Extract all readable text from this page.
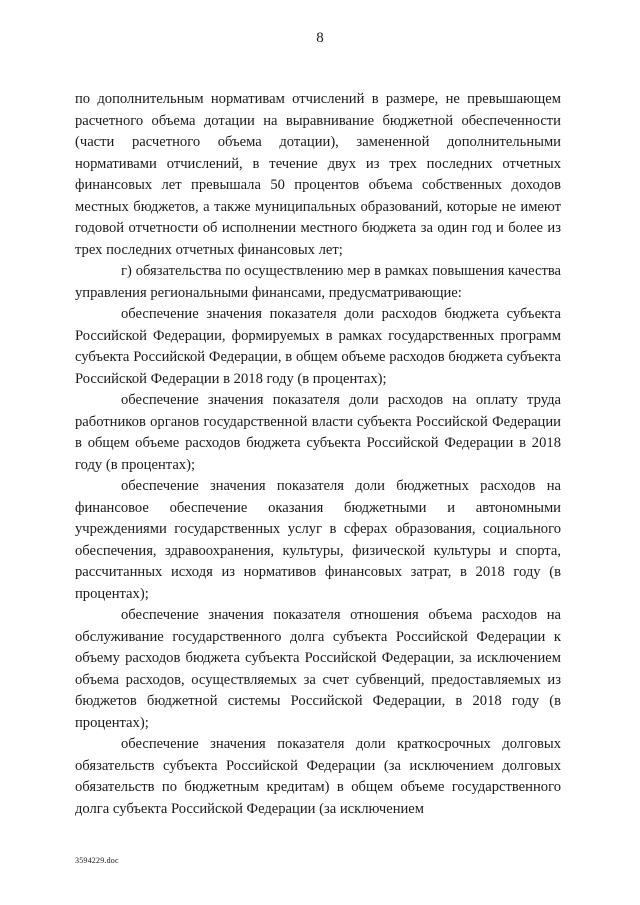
8

по дополнительным нормативам отчислений в размере, не превышающем расчетного объема дотации на выравнивание бюджетной обеспеченности (части расчетного объема дотации), замененной дополнительными нормативами отчислений, в течение двух из трех последних отчетных финансовых лет превышала 50 процентов объема собственных доходов местных бюджетов, а также муниципальных образований, которые не имеют годовой отчетности об исполнении местного бюджета за один год и более из трех последних отчетных финансовых лет;

г) обязательства по осуществлению мер в рамках повышения качества управления региональными финансами, предусматривающие:

обеспечение значения показателя доли расходов бюджета субъекта Российской Федерации, формируемых в рамках государственных программ субъекта Российской Федерации, в общем объеме расходов бюджета субъекта Российской Федерации в 2018 году (в процентах);

обеспечение значения показателя доли расходов на оплату труда работников органов государственной власти субъекта Российской Федерации в общем объеме расходов бюджета субъекта Российской Федерации в 2018 году (в процентах);

обеспечение значения показателя доли бюджетных расходов на финансовое обеспечение оказания бюджетными и автономными учреждениями государственных услуг в сферах образования, социального обеспечения, здравоохранения, культуры, физической культуры и спорта, рассчитанных исходя из нормативов финансовых затрат, в 2018 году (в процентах);

обеспечение значения показателя отношения объема расходов на обслуживание государственного долга субъекта Российской Федерации к объему расходов бюджета субъекта Российской Федерации, за исключением объема расходов, осуществляемых за счет субвенций, предоставляемых из бюджетов бюджетной системы Российской Федерации, в 2018 году (в процентах);

обеспечение значения показателя доли краткосрочных долговых обязательств субъекта Российской Федерации (за исключением долговых обязательств по бюджетным кредитам) в общем объеме государственного долга субъекта Российской Федерации (за исключением

3594229.doc
